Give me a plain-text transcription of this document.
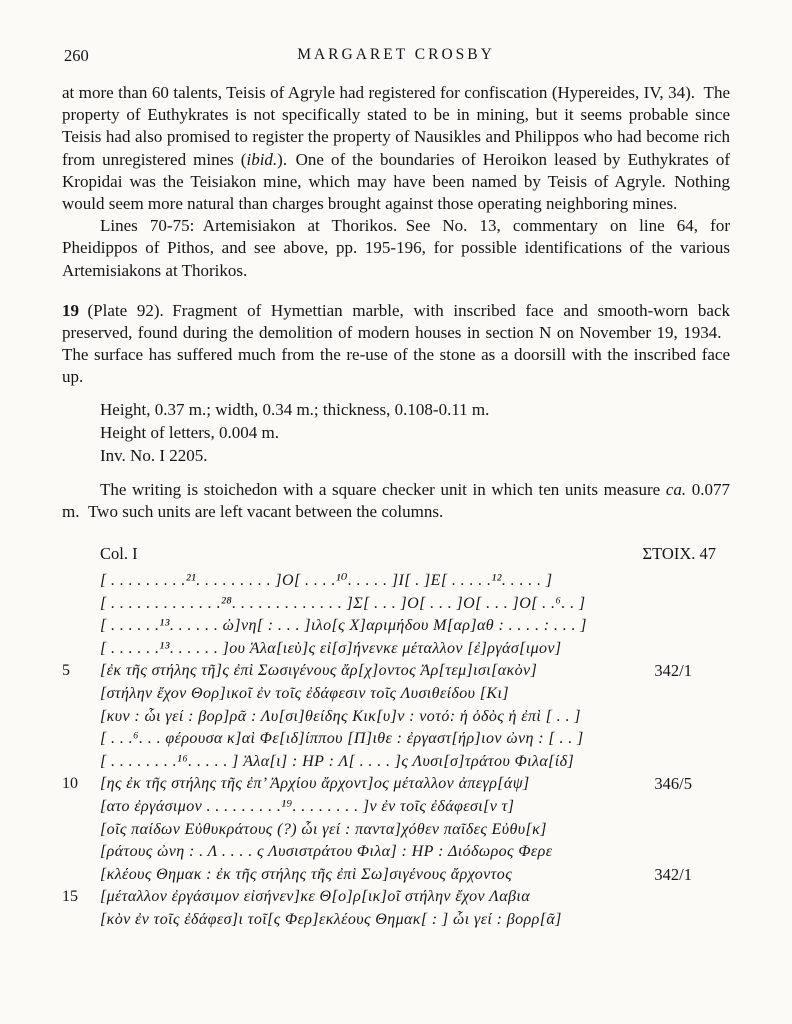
260	MARGARET CROSBY

at more than 60 talents, Teisis of Agryle had registered for confiscation (Hypereides, IV, 34). The property of Euthykrates is not specifically stated to be in mining, but it seems probable since Teisis had also promised to register the property of Nausikles and Philippos who had become rich from unregistered mines (ibid.). One of the boundaries of Heroikon leased by Euthykrates of Kropidai was the Teisiakon mine, which may have been named by Teisis of Agryle. Nothing would seem more natural than charges brought against those operating neighboring mines.

Lines 70-75: Artemisiakon at Thorikos. See No. 13, commentary on line 64, for Pheidippos of Pithos, and see above, pp. 195-196, for possible identifications of the various Artemisiakons at Thorikos.

19 (Plate 92). Fragment of Hymettian marble, with inscribed face and smooth-worn back preserved, found during the demolition of modern houses in section N on November 19, 1934. The surface has suffered much from the re-use of the stone as a doorsill with the inscribed face up.

Height, 0.37 m.; width, 0.34 m.; thickness, 0.108-0.11 m.
Height of letters, 0.004 m.
Inv. No. I 2205.

The writing is stoichedon with a square checker unit in which ten units measure ca. 0.077 m. Two such units are left vacant between the columns.

Col. I	ΣΤΟΙΧ. 47
[ . . . . . . . . .²¹. . . . . . . . . ]Ο[ . . . .¹⁰. . . . . ]Ι[ . ]Ε[ . . . . .¹². . . . . ]
[ . . . . . . . . . . . . .²⁸. . . . . . . . . . . . . ]Σ[ . . . ]Ο[ . . . ]Ο[ . . . ]Ο[ . .⁶. . ]
[ . . . . . .¹³. . . . . . ὠ]νη[ : . . . ]ιλο[ς Χ]αριμήδου Μ[αρ]αθ : . . . . : . . . ]
[ . . . . . .¹³. . . . . . ]ου Ἁλα[ιεὺ]ς εἰ[σ]ήνενκε μέταλλον [ἐ]ργάσ[ιμον]
5	[ἐκ τῆς στήλης τῆ]ς ἐπὶ Σωσιγένους ἄρ[χ]οντος Ἀρ[τεμ]ισι[ακὸν]	342/1
[στήλην ἔχον Θορ]ικοῖ ἐν τοῖς ἐδάφεσιν τοῖς Λυσιθείδου [Κι]
[κυν : ὧι γεί : βορ]ρᾶ : Λυ[σι]θείδης Κικ[υ]ν : νοτό: ἡ ὁδὸς ἡ ἐπὶ [ . . ]
[ . . .⁶. . . φέρουσα κ]αὶ Φε[ιδ]ίππου [Π]ιθε : ἐργαστ[ήρ]ιον ὠνη : [ . . ]
[ . . . . . . . .¹⁶. . . . . ] Ἁλα[ι] : ΗΡ : Λ[ . . . . ]ς Λυσι[σ]τράτου Φιλα[ίδ]
10	[ης ἐκ τῆς στήλης τῆς ἐπ’ Ἀρχίου ἄρχοντ]ος μέταλλον ἀπεγρ[άψ]	346/5
[ατο ἐργάσιμον . . . . . . . . .¹⁹. . . . . . . . ]ν ἐν τοῖς ἐδάφεσι[ν τ]
[οῖς παίδων Εὐθυκράτους (?) ὧι γεί : παντα]χόθεν παῖδες Εὐθυ[κ]
[ράτους ὠνη : . Λ . . . . ς Λυσιστράτου Φιλα] : ΗΡ : Διόδωρος Φερε
[κλέους Θημακ : ἐκ τῆς στήλης τῆς ἐπὶ Σω]σιγένους ἄρχοντος	342/1
15	[μέταλλον ἐργάσιμον εἰσήνεν]κε Θ[ο]ρ[ικ]οῖ στήλην ἔχον Λαβια
[κὸν ἐν τοῖς ἐδάφεσ]ι τοῖ[ς Φερ]εκλέους Θημακ[ : ] ὧι γεί : βορρ[ᾶ]
